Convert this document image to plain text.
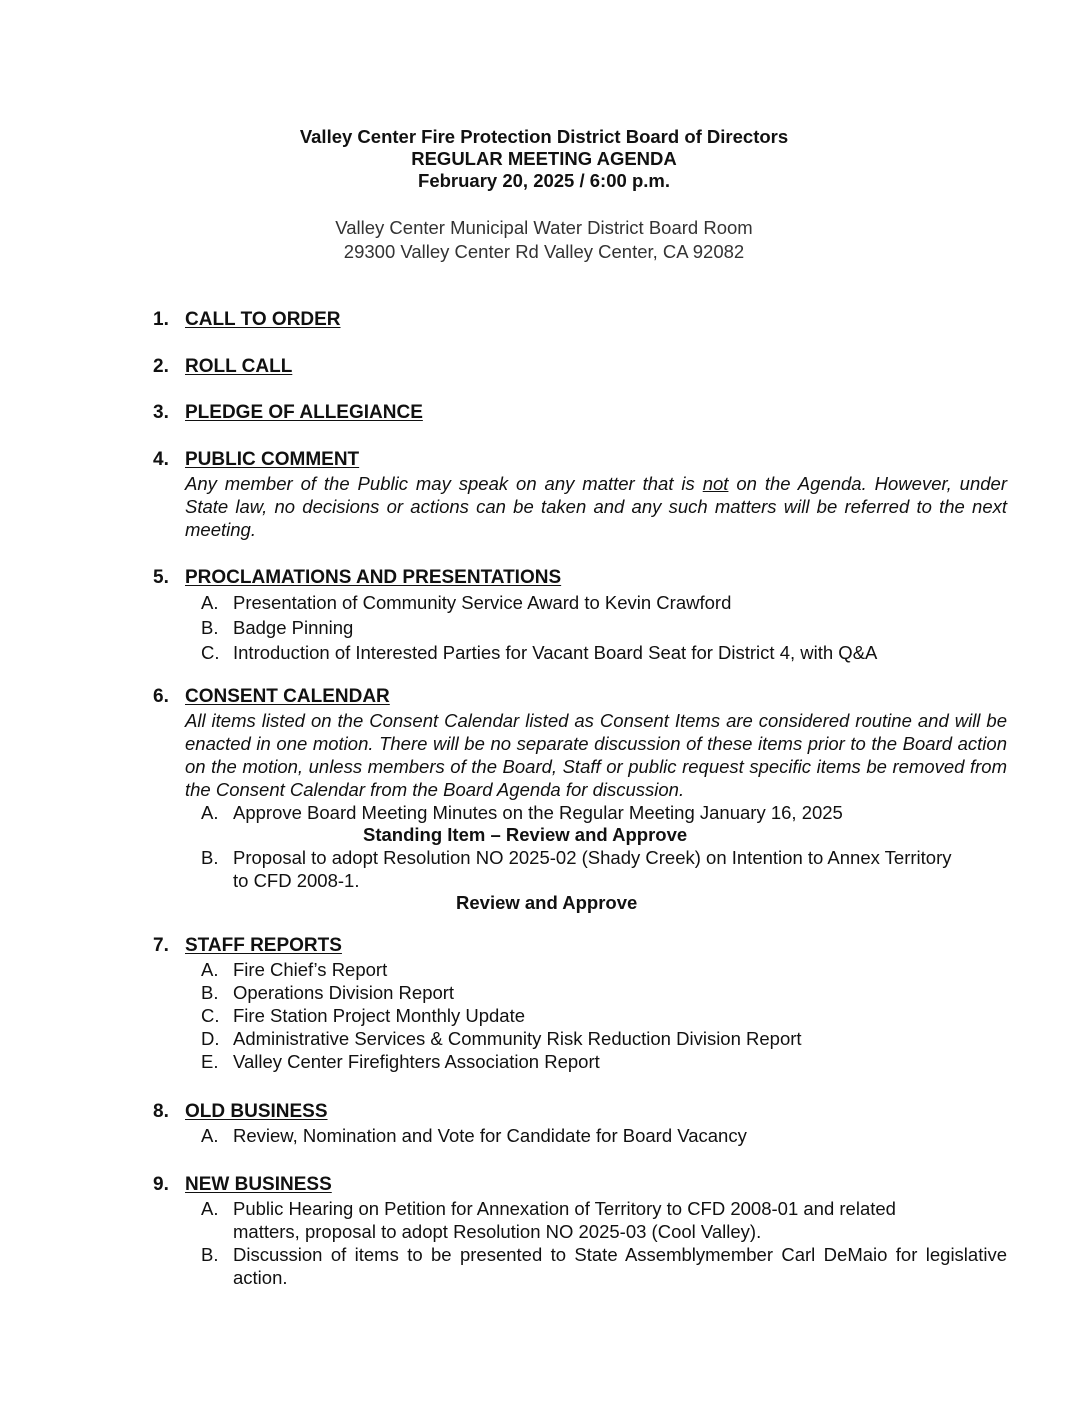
Valley Center Fire Protection District Board of Directors
REGULAR MEETING AGENDA
February 20, 2025 / 6:00 p.m.
Valley Center Municipal Water District Board Room
29300 Valley Center Rd Valley Center, CA 92082
1. CALL TO ORDER
2. ROLL CALL
3. PLEDGE OF ALLEGIANCE
4. PUBLIC COMMENT
Any member of the Public may speak on any matter that is not on the Agenda. However, under State law, no decisions or actions can be taken and any such matters will be referred to the next meeting.
5. PROCLAMATIONS AND PRESENTATIONS
A. Presentation of Community Service Award to Kevin Crawford
B. Badge Pinning
C. Introduction of Interested Parties for Vacant Board Seat for District 4, with Q&A
6. CONSENT CALENDAR
All items listed on the Consent Calendar listed as Consent Items are considered routine and will be enacted in one motion. There will be no separate discussion of these items prior to the Board action on the motion, unless members of the Board, Staff or public request specific items be removed from the Consent Calendar from the Board Agenda for discussion.
A. Approve Board Meeting Minutes on the Regular Meeting January 16, 2025
Standing Item – Review and Approve
B. Proposal to adopt Resolution NO 2025-02 (Shady Creek) on Intention to Annex Territory
to CFD 2008-1.
Review and Approve
7. STAFF REPORTS
A. Fire Chief’s Report
B. Operations Division Report
C. Fire Station Project Monthly Update
D. Administrative Services & Community Risk Reduction Division Report
E. Valley Center Firefighters Association Report
8. OLD BUSINESS
A. Review, Nomination and Vote for Candidate for Board Vacancy
9. NEW BUSINESS
A. Public Hearing on Petition for Annexation of Territory to CFD 2008-01 and related
matters, proposal to adopt Resolution NO 2025-03 (Cool Valley).
B. Discussion of items to be presented to State Assemblymember Carl DeMaio for legislative action.
